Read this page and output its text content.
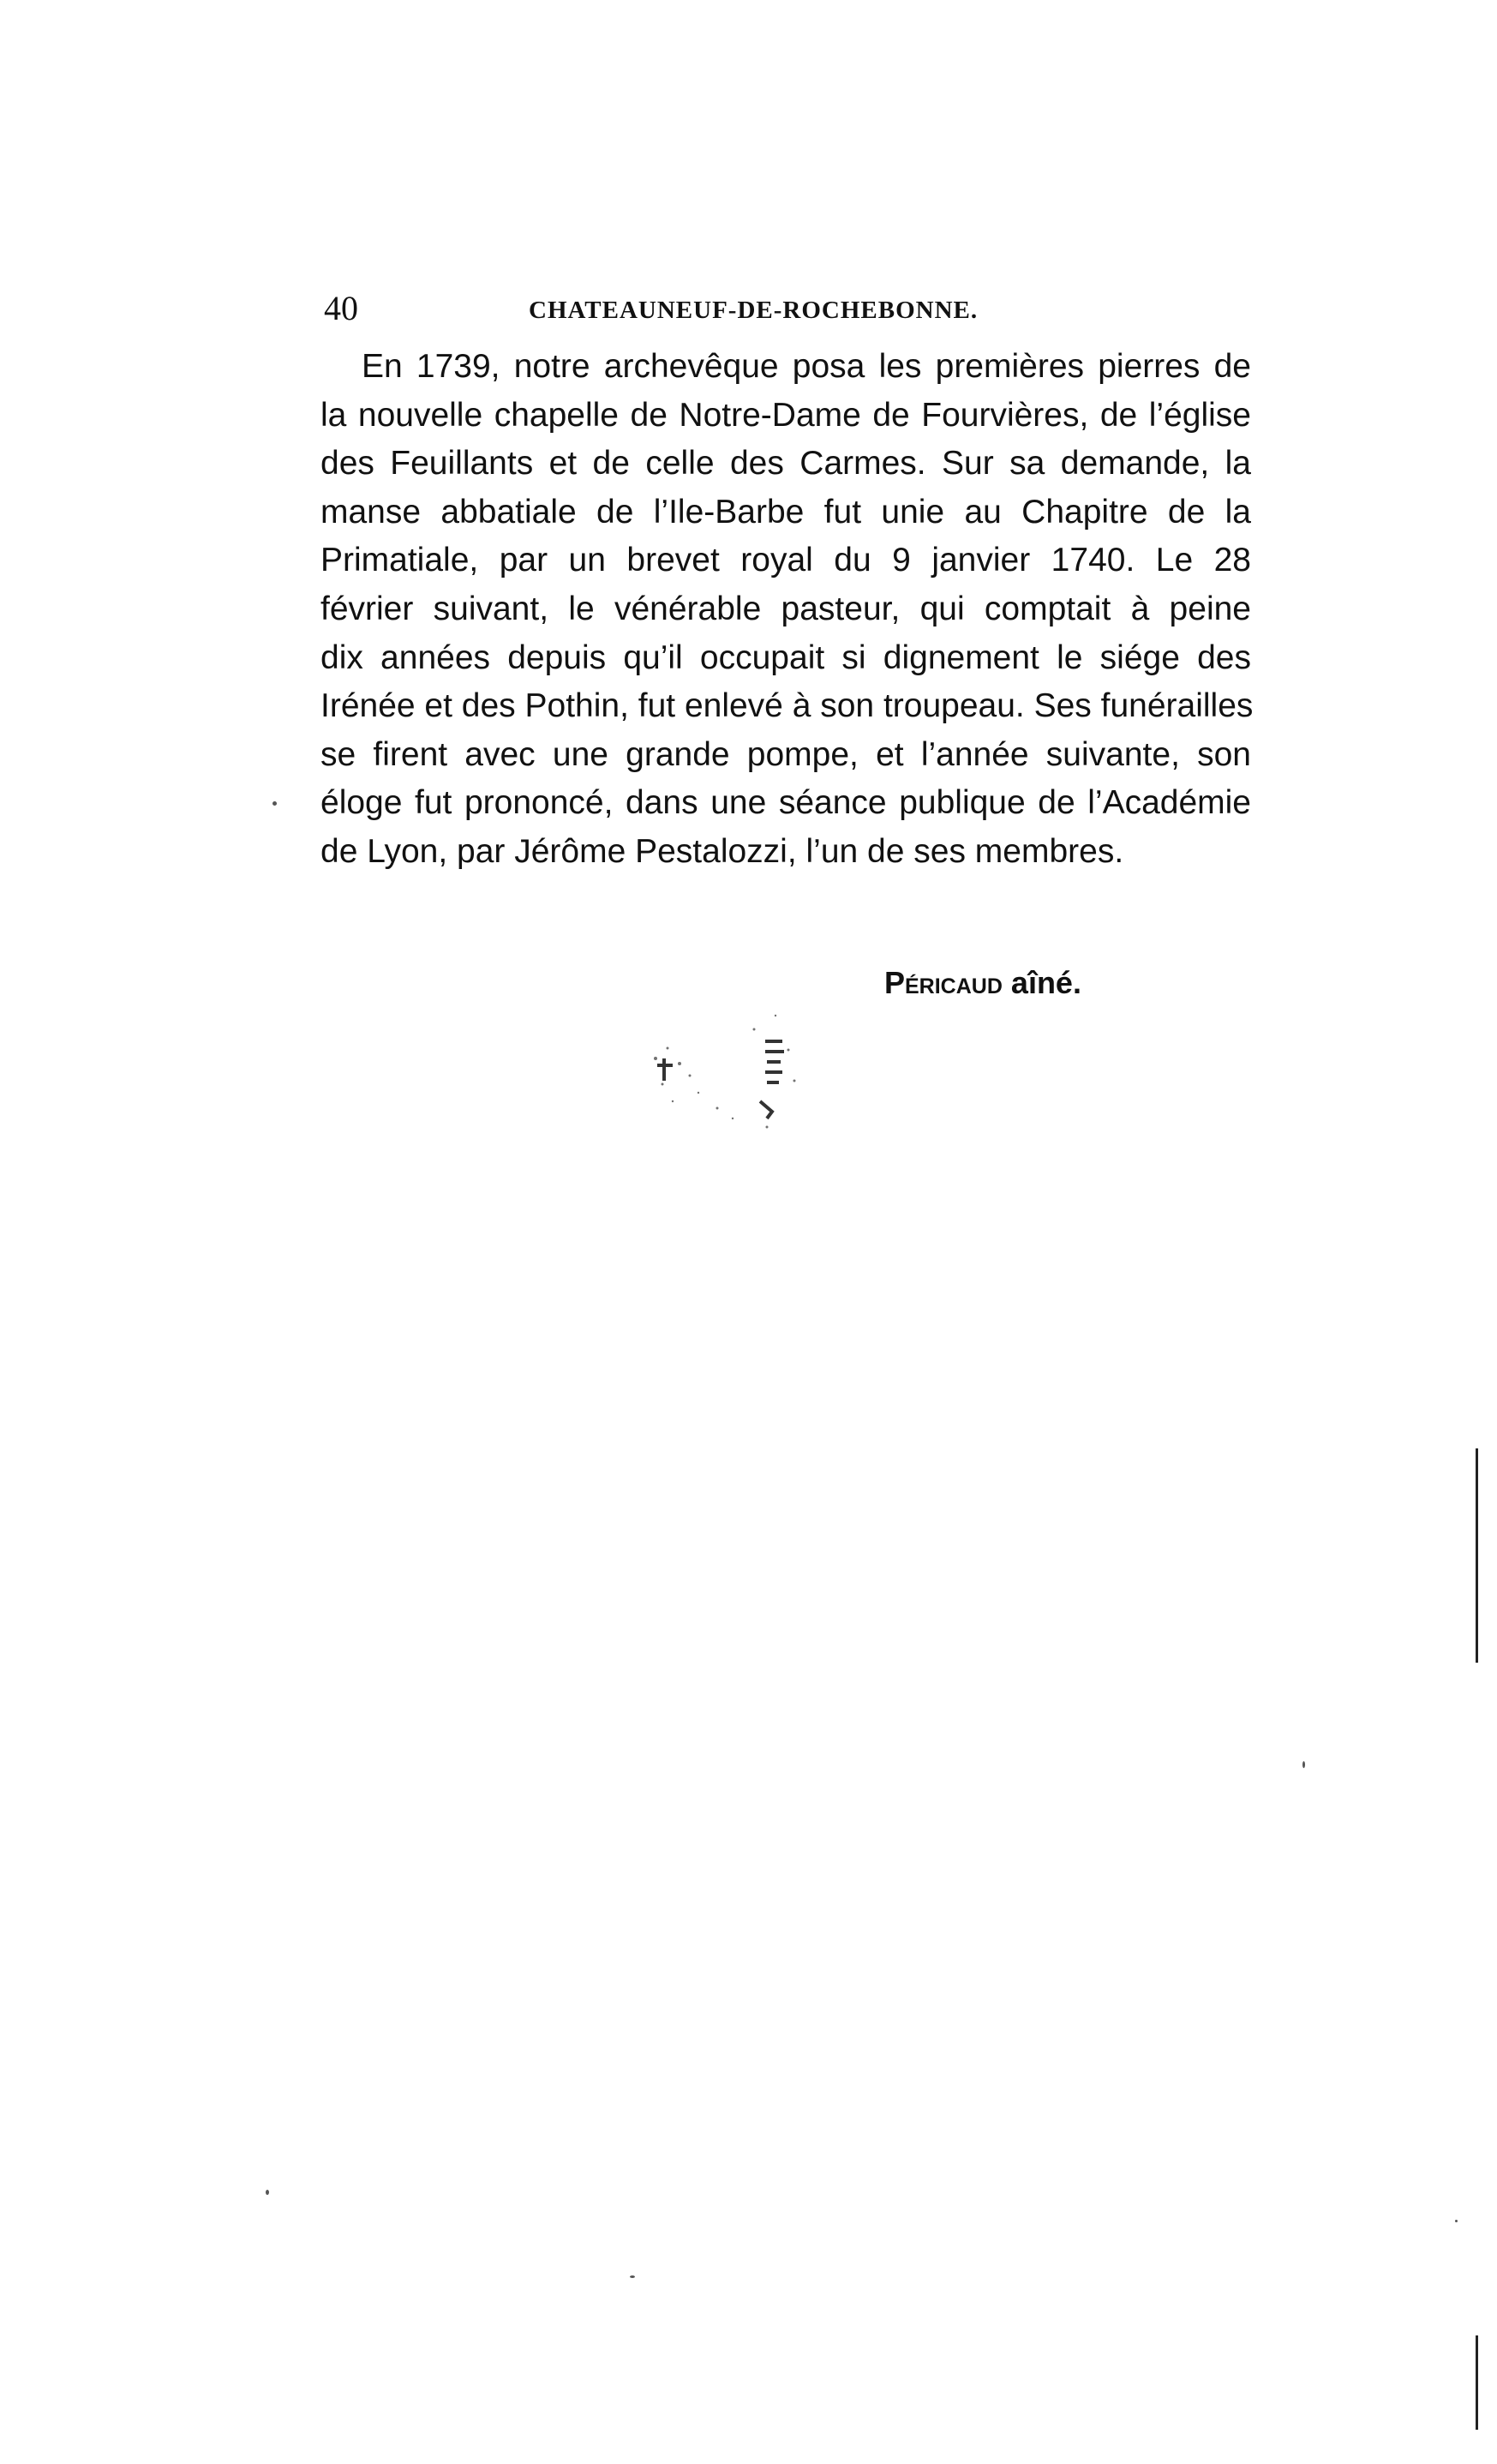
40	CHATEAUNEUF-DE-ROCHEBONNE.
En 1739, notre archevêque posa les premières pierres de
la nouvelle chapelle de Notre-Dame de Fourvières, de l’église
des Feuillants et de celle des Carmes. Sur sa demande, la
manse abbatiale de l’Ile-Barbe fut unie au Chapitre de la
Primatiale, par un brevet royal du 9 janvier 1740. Le 28
février suivant, le vénérable pasteur, qui comptait à peine
dix années depuis qu’il occupait si dignement le siége des
Irénée et des Pothin, fut enlevé à son troupeau. Ses funérailles
se firent avec une grande pompe, et l’année suivante, son
éloge fut prononcé, dans une séance publique de l’Académie
de Lyon, par Jérôme Pestalozzi, l’un de ses membres.
Péricaud aîné.
